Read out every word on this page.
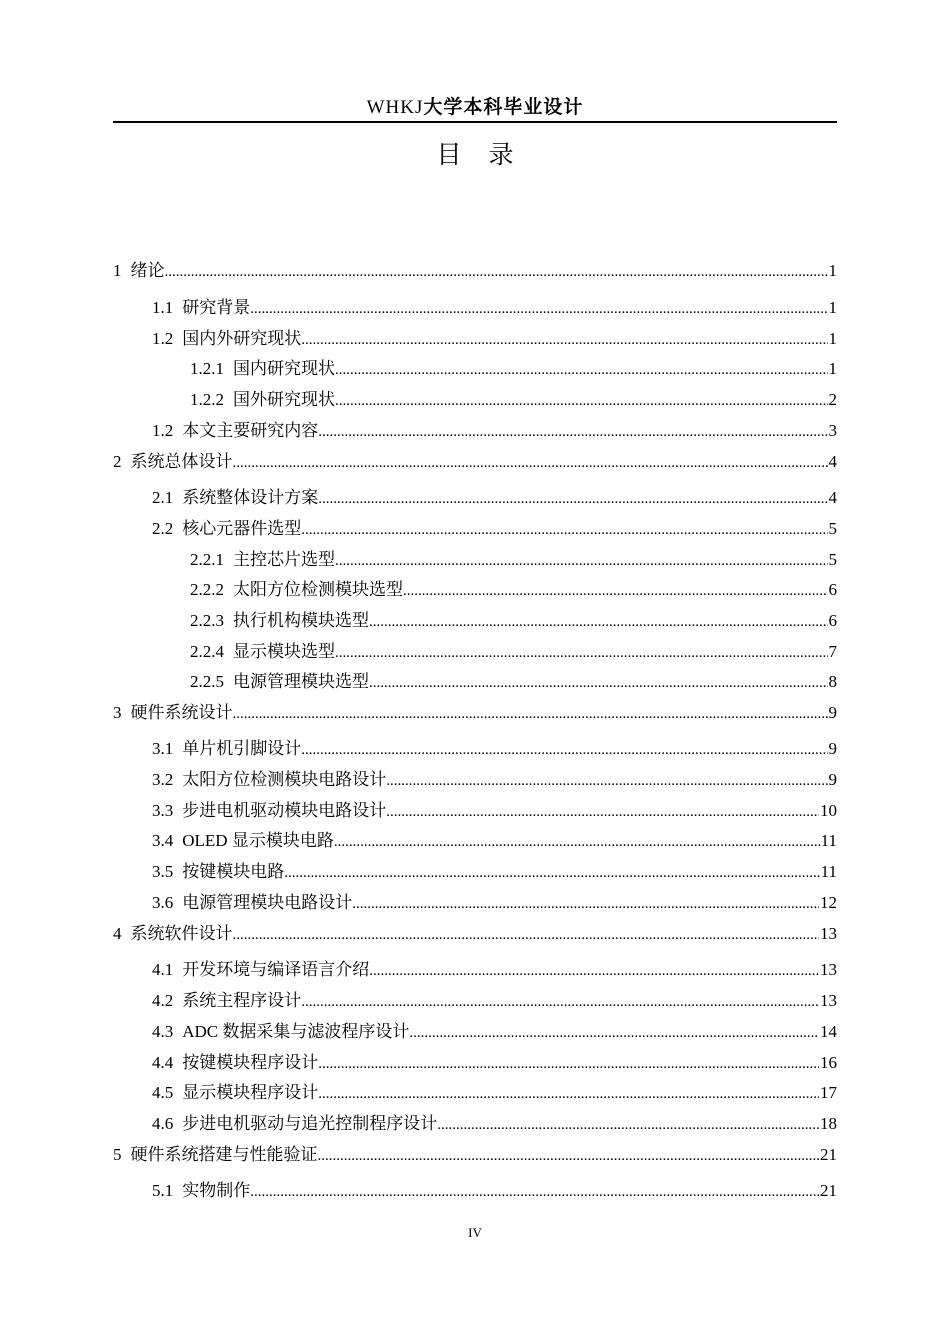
WHKJ大学本科毕业设计
目录
1 绪论 .....	1
1.1 研究背景 .....	1
1.2 国内外研究现状 .....	1
1.2.1 国内研究现状 .....	1
1.2.2 国外研究现状 .....	2
1.2 本文主要研究内容 .....	3
2 系统总体设计 .....	4
2.1 系统整体设计方案 .....	4
2.2 核心元器件选型 .....	5
2.2.1 主控芯片选型 .....	5
2.2.2 太阳方位检测模块选型 .....	6
2.2.3 执行机构模块选型 .....	6
2.2.4 显示模块选型 .....	7
2.2.5 电源管理模块选型 .....	8
3 硬件系统设计 .....	9
3.1 单片机引脚设计 .....	9
3.2 太阳方位检测模块电路设计 .....	9
3.3 步进电机驱动模块电路设计 .....	10
3.4 OLED 显示模块电路 .....	11
3.5 按键模块电路 .....	11
3.6 电源管理模块电路设计 .....	12
4 系统软件设计 .....	13
4.1 开发环境与编译语言介绍 .....	13
4.2 系统主程序设计 .....	13
4.3 ADC 数据采集与滤波程序设计 .....	14
4.4 按键模块程序设计 .....	16
4.5 显示模块程序设计 .....	17
4.6 步进电机驱动与追光控制程序设计 .....	18
5 硬件系统搭建与性能验证 .....	21
5.1 实物制作 .....	21
IV
